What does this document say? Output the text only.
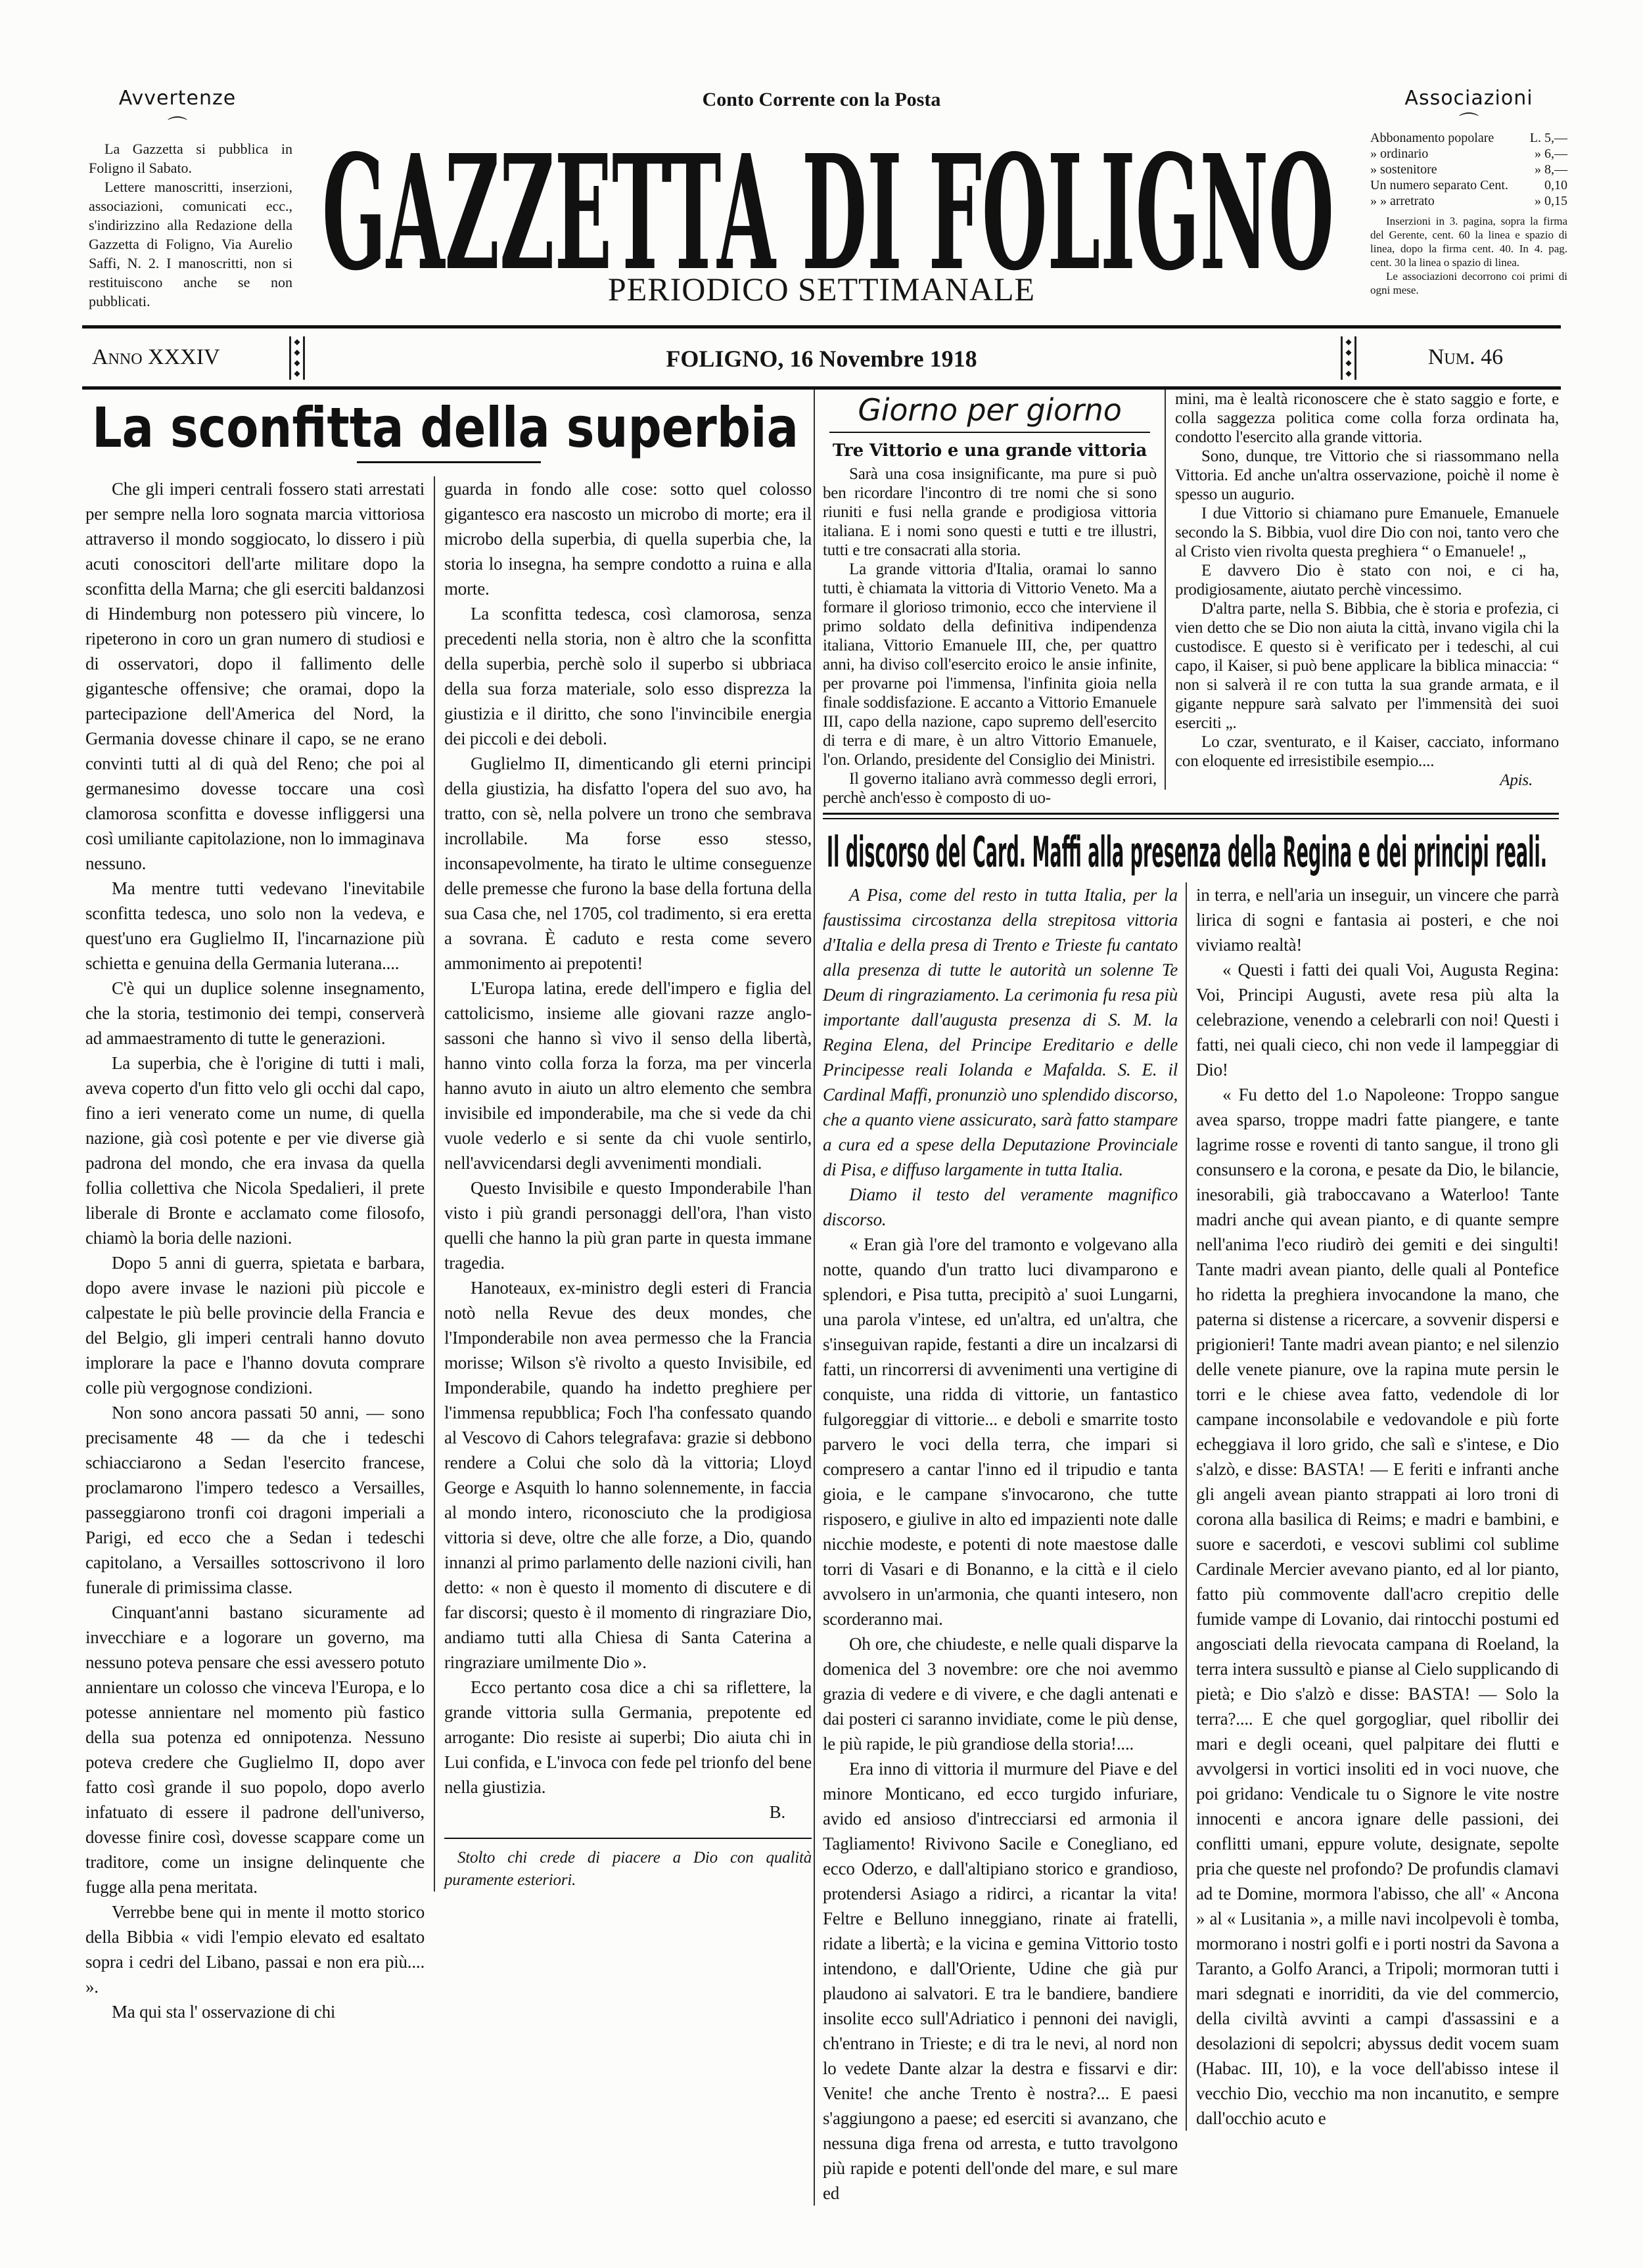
Avvertenze
⌒
Conto Corrente con la Posta	Associazioni
⌒

La Gazzetta si pubblica in Foligno il Sabato.

Lettere manoscritti, inserzioni, associazioni, comunicati ecc., s'indirizzino alla Redazione della Gazzetta di Foligno, Via Aurelio Saffi, N. 2. I manoscritti, non si restituiscono anche se non pubblicati.	GAZZETTA DI FOLIGNO
PERIODICO SETTIMANALE
Abbonamento popolare	L. 5,—
» ordinario	» 6,—
» sostenitore	» 8,—
Un numero separato Cent.	0,10
» » arretrato	» 0,15

Inserzioni in 3. pagina, sopra la firma del Gerente, cent. 60 la linea e spazio di linea, dopo la firma cent. 40. In 4. pag. cent. 30 la linea o spazio di linea.

Le associazioni decorrono coi primi di ogni mese.

Anno XXXIV
◆
◆
◆
◆
FOLIGNO, 16 Novembre 1918
◆
◆
◆
◆
Num. 46
La sconfitta della superbia

Che gli imperi centrali fossero stati arrestati per sempre nella loro sognata marcia vittoriosa attraverso il mondo soggiocato, lo dissero i più acuti conoscitori dell'arte militare dopo la sconfitta della Marna; che gli eserciti baldanzosi di Hindemburg non potessero più vincere, lo ripeterono in coro un gran numero di studiosi e di osservatori, dopo il fallimento delle gigantesche offensive; che oramai, dopo la partecipazione dell'America del Nord, la Germania dovesse chinare il capo, se ne erano convinti tutti al di quà del Reno; che poi al germanesimo dovesse toccare una così clamorosa sconfitta e dovesse infliggersi una così umiliante capitolazione, non lo immaginava nessuno.

Ma mentre tutti vedevano l'inevitabile sconfitta tedesca, uno solo non la vedeva, e quest'uno era Guglielmo II, l'incarnazione più schietta e genuina della Germania luterana....

C'è qui un duplice solenne insegnamento, che la storia, testimonio dei tempi, conserverà ad ammaestramento di tutte le generazioni.

La superbia, che è l'origine di tutti i mali, aveva coperto d'un fitto velo gli occhi dal capo, fino a ieri venerato come un nume, di quella nazione, già così potente e per vie diverse già padrona del mondo, che era invasa da quella follia collettiva che Nicola Spedalieri, il prete liberale di Bronte e acclamato come filosofo, chiamò la boria delle nazioni.

Dopo 5 anni di guerra, spietata e barbara, dopo avere invase le nazioni più piccole e calpestate le più belle provincie della Francia e del Belgio, gli imperi centrali hanno dovuto implorare la pace e l'hanno dovuta comprare colle più vergognose condizioni.

Non sono ancora passati 50 anni, — sono precisamente 48 — da che i tedeschi schiacciarono a Sedan l'esercito francese, proclamarono l'impero tedesco a Versailles, passeggiarono tronfi coi dragoni imperiali a Parigi, ed ecco che a Sedan i tedeschi capitolano, a Versailles sottoscrivono il loro funerale di primissima classe.

Cinquant'anni bastano sicuramente ad invecchiare e a logorare un governo, ma nessuno poteva pensare che essi avessero potuto annientare un colosso che vinceva l'Europa, e lo potesse annientare nel momento più fastico della sua potenza ed onnipotenza. Nessuno poteva credere che Guglielmo II, dopo aver fatto così grande il suo popolo, dopo averlo infatuato di essere il padrone dell'universo, dovesse finire così, dovesse scappare come un traditore, come un insigne delinquente che fugge alla pena meritata.

Verrebbe bene qui in mente il motto storico della Bibbia « vidi l'empio elevato ed esaltato sopra i cedri del Libano, passai e non era più.... ».

Ma qui sta l' osservazione di chi

guarda in fondo alle cose: sotto quel colosso gigantesco era nascosto un microbo di morte; era il microbo della superbia, di quella superbia che, la storia lo insegna, ha sempre condotto a ruina e alla morte.

La sconfitta tedesca, così clamorosa, senza precedenti nella storia, non è altro che la sconfitta della superbia, perchè solo il superbo si ubbriaca della sua forza materiale, solo esso disprezza la giustizia e il diritto, che sono l'invincibile energia dei piccoli e dei deboli.

Guglielmo II, dimenticando gli eterni principi della giustizia, ha disfatto l'opera del suo avo, ha tratto, con sè, nella polvere un trono che sembrava incrollabile. Ma forse esso stesso, inconsapevolmente, ha tirato le ultime conseguenze delle premesse che furono la base della fortuna della sua Casa che, nel 1705, col tradimento, si era eretta a sovrana. È caduto e resta come severo ammonimento ai prepotenti!

L'Europa latina, erede dell'impero e figlia del cattolicismo, insieme alle giovani razze anglo-sassoni che hanno sì vivo il senso della libertà, hanno vinto colla forza la forza, ma per vincerla hanno avuto in aiuto un altro elemento che sembra invisibile ed imponderabile, ma che si vede da chi vuole vederlo e si sente da chi vuole sentirlo, nell'avvicendarsi degli avvenimenti mondiali.

Questo Invisibile e questo Imponderabile l'han visto i più grandi personaggi dell'ora, l'han visto quelli che hanno la più gran parte in questa immane tragedia.

Hanoteaux, ex-ministro degli esteri di Francia notò nella Revue des deux mondes, che l'Imponderabile non avea permesso che la Francia morisse; Wilson s'è rivolto a questo Invisibile, ed Imponderabile, quando ha indetto preghiere per l'immensa repubblica; Foch l'ha confessato quando al Vescovo di Cahors telegrafava: grazie si debbono rendere a Colui che solo dà la vittoria; Lloyd George e Asquith lo hanno solennemente, in faccia al mondo intero, riconosciuto che la prodigiosa vittoria si deve, oltre che alle forze, a Dio, quando innanzi al primo parlamento delle nazioni civili, han detto: « non è questo il momento di discutere e di far discorsi; questo è il momento di ringraziare Dio, andiamo tutti alla Chiesa di Santa Caterina a ringraziare umilmente Dio ».

Ecco pertanto cosa dice a chi sa riflettere, la grande vittoria sulla Germania, prepotente ed arrogante: Dio resiste ai superbi; Dio aiuta chi in Lui confida, e L'invoca con fede pel trionfo del bene nella giustizia.

B.

Stolto chi crede di piacere a Dio con qualità puramente esteriori.

Giorno per giorno
Tre Vittorio e una grande vittoria

Sarà una cosa insignificante, ma pure si può ben ricordare l'incontro di tre nomi che si sono riuniti e fusi nella grande e prodigiosa vittoria italiana. E i nomi sono questi e tutti e tre illustri, tutti e tre consacrati alla storia.

La grande vittoria d'Italia, oramai lo sanno tutti, è chiamata la vittoria di Vittorio Veneto. Ma a formare il glorioso trimonio, ecco che interviene il primo soldato della definitiva indipendenza italiana, Vittorio Emanuele III, che, per quattro anni, ha diviso coll'esercito eroico le ansie infinite, per provarne poi l'immensa, l'infinita gioia nella finale soddisfazione. E accanto a Vittorio Emanuele III, capo della nazione, capo supremo dell'esercito di terra e di mare, è un altro Vittorio Emanuele, l'on. Orlando, presidente del Consiglio dei Ministri.

Il governo italiano avrà commesso degli errori, perchè anch'esso è composto di uo-

mini, ma è lealtà riconoscere che è stato saggio e forte, e colla saggezza politica come colla forza ordinata ha, condotto l'esercito alla grande vittoria.

Sono, dunque, tre Vittorio che si riassommano nella Vittoria. Ed anche un'altra osservazione, poichè il nome è spesso un augurio.

I due Vittorio si chiamano pure Emanuele, Emanuele secondo la S. Bibbia, vuol dire Dio con noi, tanto vero che al Cristo vien rivolta questa preghiera “ o Emanuele! „

E davvero Dio è stato con noi, e ci ha, prodigiosamente, aiutato perchè vincessimo.

D'altra parte, nella S. Bibbia, che è storia e profezia, ci vien detto che se Dio non aiuta la città, invano vigila chi la custodisce. E questo si è verificato per i tedeschi, al cui capo, il Kaiser, si può bene applicare la biblica minaccia: “ non si salverà il re con tutta la sua grande armata, e il gigante neppure sarà salvato per l'immensità dei suoi eserciti „.

Lo czar, sventurato, e il Kaiser, cacciato, informano con eloquente ed irresistibile esempio....

Apis.

Il discorso del Card. Maffi alla presenza della Regina e dei principi reali.

A Pisa, come del resto in tutta Italia, per la faustissima circostanza della strepitosa vittoria d'Italia e della presa di Trento e Trieste fu cantato alla presenza di tutte le autorità un solenne Te Deum di ringraziamento. La cerimonia fu resa più importante dall'augusta presenza di S. M. la Regina Elena, del Principe Ereditario e delle Principesse reali Iolanda e Mafalda. S. E. il Cardinal Maffi, pronunziò uno splendido discorso, che a quanto viene assicurato, sarà fatto stampare a cura ed a spese della Deputazione Provinciale di Pisa, e diffuso largamente in tutta Italia.

Diamo il testo del veramente magnifico discorso.

« Eran già l'ore del tramonto e volgevano alla notte, quando d'un tratto luci divamparono e splendori, e Pisa tutta, precipitò a' suoi Lungarni, una parola v'intese, ed un'altra, ed un'altra, che s'inseguivan rapide, festanti a dire un incalzarsi di fatti, un rincorrersi di avvenimenti una vertigine di conquiste, una ridda di vittorie, un fantastico fulgoreggiar di vittorie... e deboli e smarrite tosto parvero le voci della terra, che impari si compresero a cantar l'inno ed il tripudio e tanta gioia, e le campane s'invocarono, che tutte risposero, e giulive in alto ed impazienti note dalle nicchie modeste, e potenti di note maestose dalle torri di Vasari e di Bonanno, e la città e il cielo avvolsero in un'armonia, che quanti intesero, non scorderanno mai.

Oh ore, che chiudeste, e nelle quali disparve la domenica del 3 novembre: ore che noi avemmo grazia di vedere e di vivere, e che dagli antenati e dai posteri ci saranno invidiate, come le più dense, le più rapide, le più grandiose della storia!....

Era inno di vittoria il murmure del Piave e del minore Monticano, ed ecco turgido infuriare, avido ed ansioso d'intrecciarsi ed armonia il Tagliamento! Rivivono Sacile e Conegliano, ed ecco Oderzo, e dall'altipiano storico e grandioso, protendersi Asiago a ridirci, a ricantar la vita! Feltre e Belluno inneggiano, rinate ai fratelli, ridate a libertà; e la vicina e gemina Vittorio tosto intendono, e dall'Oriente, Udine che già pur plaudono ai salvatori. E tra le bandiere, bandiere insolite ecco sull'Adriatico i pennoni dei navigli, ch'entrano in Trieste; e di tra le nevi, al nord non lo vedete Dante alzar la destra e fissarvi e dir: Venite! che anche Trento è nostra?... E paesi s'aggiungono a paese; ed eserciti si avanzano, che nessuna diga frena od arresta, e tutto travolgono più rapide e potenti dell'onde del mare, e sul mare ed

in terra, e nell'aria un inseguir, un vincere che parrà lirica di sogni e fantasia ai posteri, e che noi viviamo realtà!

« Questi i fatti dei quali Voi, Augusta Regina: Voi, Principi Augusti, avete resa più alta la celebrazione, venendo a celebrarli con noi! Questi i fatti, nei quali cieco, chi non vede il lampeggiar di Dio!

« Fu detto del 1.o Napoleone: Troppo sangue avea sparso, troppe madri fatte piangere, e tante lagrime rosse e roventi di tanto sangue, il trono gli consunsero e la corona, e pesate da Dio, le bilancie, inesorabili, già traboccavano a Waterloo! Tante madri anche qui avean pianto, e di quante sempre nell'anima l'eco riudirò dei gemiti e dei singulti! Tante madri avean pianto, delle quali al Pontefice ho ridetta la preghiera invocandone la mano, che paterna si distense a ricercare, a sovvenir dispersi e prigionieri! Tante madri avean pianto; e nel silenzio delle venete pianure, ove la rapina mute persin le torri e le chiese avea fatto, vedendole di lor campane inconsolabile e vedovandole e più forte echeggiava il loro grido, che salì e s'intese, e Dio s'alzò, e disse: BASTA! — E feriti e infranti anche gli angeli avean pianto strappati ai loro troni di corona alla basilica di Reims; e madri e bambini, e suore e sacerdoti, e vescovi sublimi col sublime Cardinale Mercier avevano pianto, ed al lor pianto, fatto più commovente dall'acro crepitio delle fumide vampe di Lovanio, dai rintocchi postumi ed angosciati della rievocata campana di Roeland, la terra intera sussultò e pianse al Cielo supplicando di pietà; e Dio s'alzò e disse: BASTA! — Solo la terra?.... E che quel gorgogliar, quel ribollir dei mari e degli oceani, quel palpitare dei flutti e avvolgersi in vortici insoliti ed in voci nuove, che poi gridano: Vendicale tu o Signore le vite nostre innocenti e ancora ignare delle passioni, dei conflitti umani, eppure volute, designate, sepolte pria che queste nel profondo? De profundis clamavi ad te Domine, mormora l'abisso, che all' « Ancona » al « Lusitania », a mille navi incolpevoli è tomba, mormorano i nostri golfi e i porti nostri da Savona a Taranto, a Golfo Aranci, a Tripoli; mormoran tutti i mari sdegnati e inorriditi, da vie del commercio, della civiltà avvinti a campi d'assassini e a desolazioni di sepolcri; abyssus dedit vocem suam (Habac. III, 10), e la voce dell'abisso intese il vecchio Dio, vecchio ma non incanutito, e sempre dall'occhio acuto e
